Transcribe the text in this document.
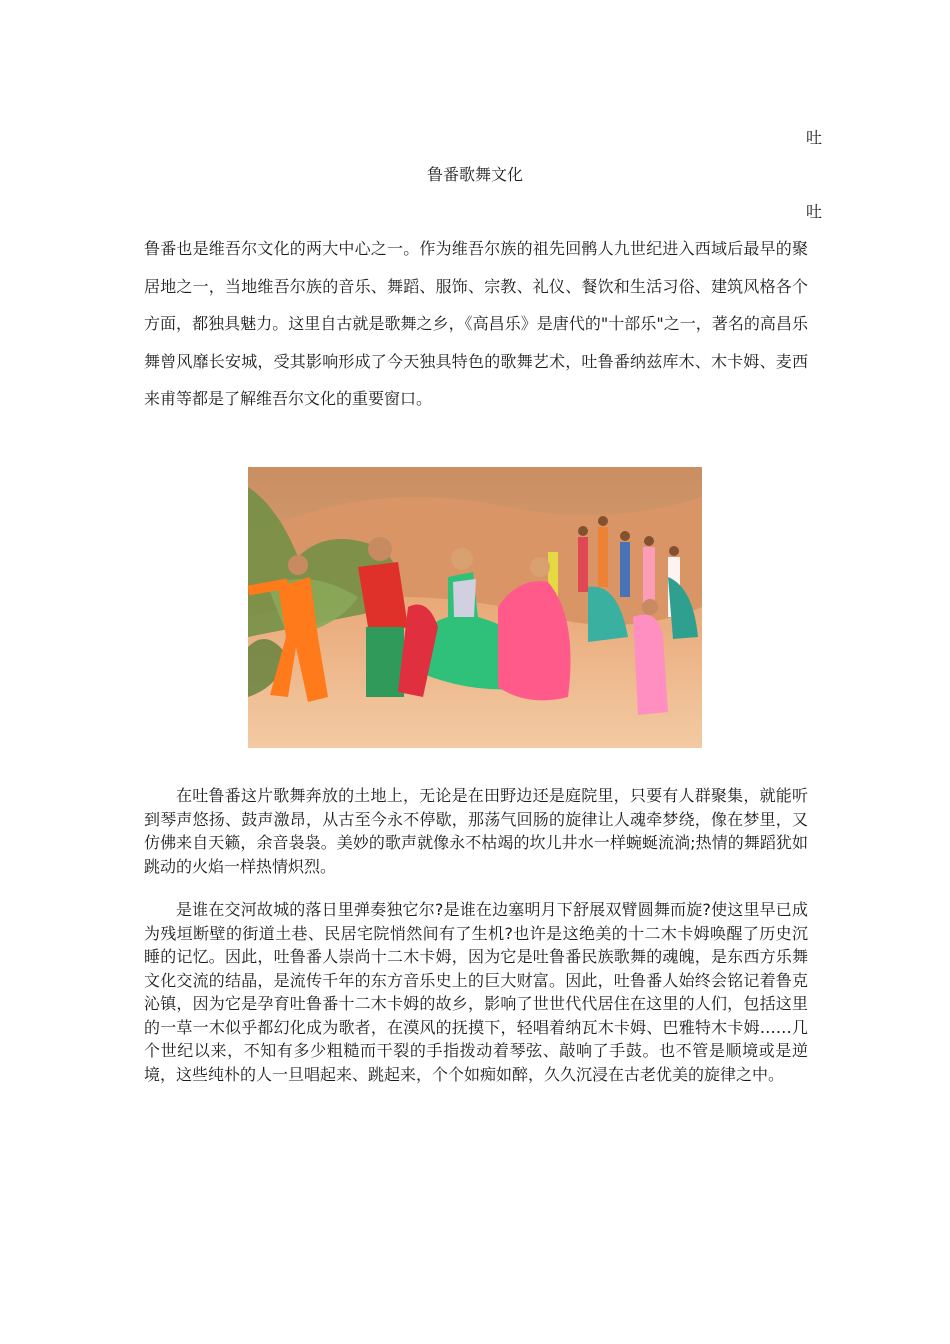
吐
鲁番歌舞文化
吐

鲁番也是维吾尔文化的两大中心之一。作为维吾尔族的祖先回鹘人九世纪进入西域后最早的聚居地之一，当地维吾尔族的音乐、舞蹈、服饰、宗教、礼仪、餐饮和生活习俗、建筑风格各个方面，都独具魅力。这里自古就是歌舞之乡，《高昌乐》是唐代的"十部乐"之一，著名的高昌乐舞曾风靡长安城，受其影响形成了今天独具特色的歌舞艺术，吐鲁番纳兹库木、木卡姆、麦西来甫等都是了解维吾尔文化的重要窗口。

在吐鲁番这片歌舞奔放的土地上，无论是在田野边还是庭院里，只要有人群聚集，就能听到琴声悠扬、鼓声激昂，从古至今永不停歇，那荡气回肠的旋律让人魂牵梦绕，像在梦里，又仿佛来自天籁，余音袅袅。美妙的歌声就像永不枯竭的坎儿井水一样蜿蜒流淌;热情的舞蹈犹如跳动的火焰一样热情炽烈。

是谁在交河故城的落日里弹奏独它尔?是谁在边塞明月下舒展双臂圆舞而旋?使这里早已成为残垣断壁的街道土巷、民居宅院悄然间有了生机?也许是这绝美的十二木卡姆唤醒了历史沉睡的记忆。因此，吐鲁番人崇尚十二木卡姆，因为它是吐鲁番民族歌舞的魂魄，是东西方乐舞文化交流的结晶，是流传千年的东方音乐史上的巨大财富。因此，吐鲁番人始终会铭记着鲁克沁镇，因为它是孕育吐鲁番十二木卡姆的故乡，影响了世世代代居住在这里的人们，包括这里的一草一木似乎都幻化成为歌者，在漠风的抚摸下，轻唱着纳瓦木卡姆、巴雅特木卡姆……几个世纪以来，不知有多少粗糙而干裂的手指拨动着琴弦、敲响了手鼓。也不管是顺境或是逆境，这些纯朴的人一旦唱起来、跳起来，个个如痴如醉，久久沉浸在古老优美的旋律之中。
